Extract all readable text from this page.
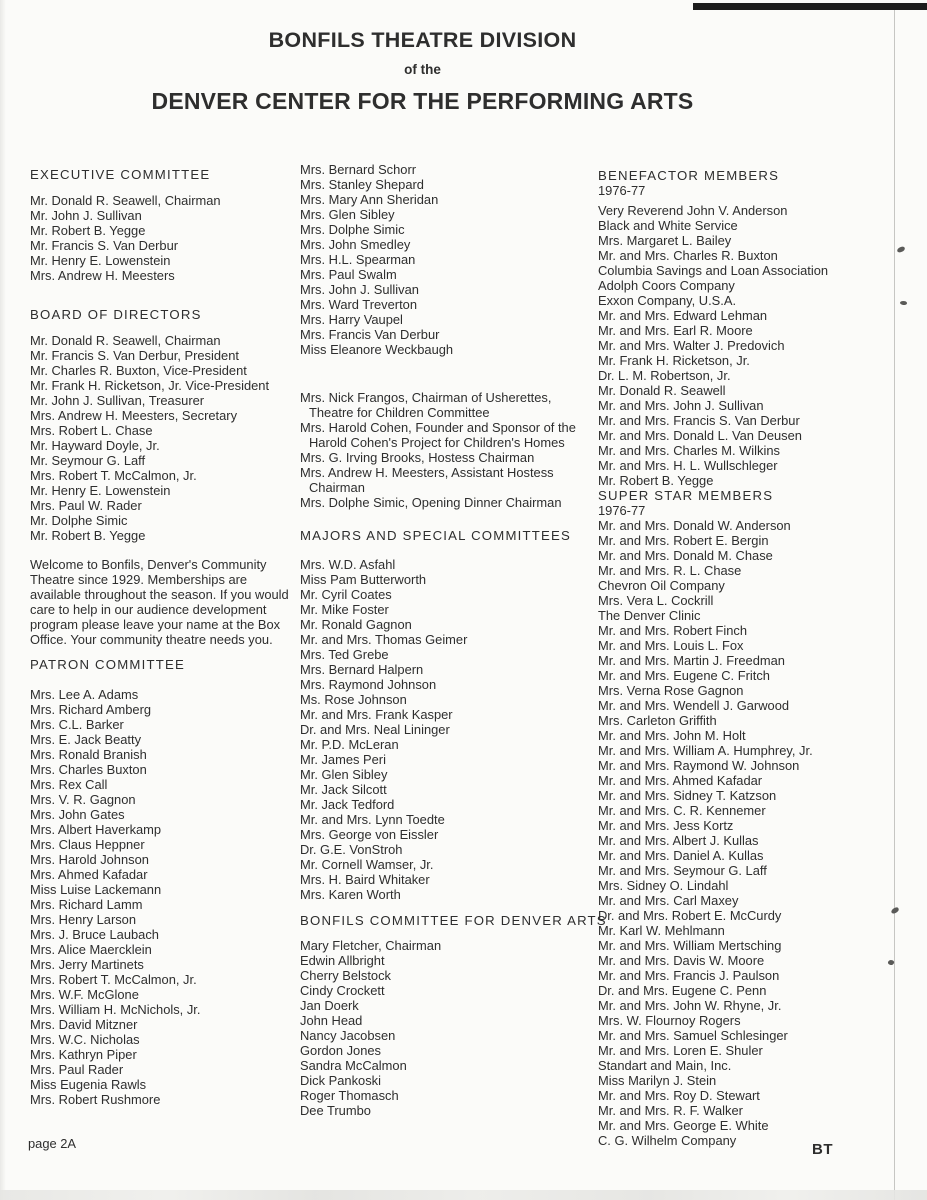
BONFILS THEATRE DIVISION
of the
DENVER CENTER FOR THE PERFORMING ARTS
EXECUTIVE COMMITTEE
Mr. Donald R. Seawell, Chairman
Mr. John J. Sullivan
Mr. Robert B. Yegge
Mr. Francis S. Van Derbur
Mr. Henry E. Lowenstein
Mrs. Andrew H. Meesters
BOARD OF DIRECTORS
Mr. Donald R. Seawell, Chairman
Mr. Francis S. Van Derbur, President
Mr. Charles R. Buxton, Vice-President
Mr. Frank H. Ricketson, Jr. Vice-President
Mr. John J. Sullivan, Treasurer
Mrs. Andrew H. Meesters, Secretary
Mrs. Robert L. Chase
Mr. Hayward Doyle, Jr.
Mr. Seymour G. Laff
Mrs. Robert T. McCalmon, Jr.
Mr. Henry E. Lowenstein
Mrs. Paul W. Rader
Mr. Dolphe Simic
Mr. Robert B. Yegge

Welcome to Bonfils, Denver's Community Theatre since 1929. Memberships are available throughout the season. If you would care to help in our audience development program please leave your name at the Box Office. Your community theatre needs you.

PATRON COMMITTEE
Mrs. Lee A. Adams
Mrs. Richard Amberg
Mrs. C.L. Barker
Mrs. E. Jack Beatty
Mrs. Ronald Branish
Mrs. Charles Buxton
Mrs. Rex Call
Mrs. V. R. Gagnon
Mrs. John Gates
Mrs. Albert Haverkamp
Mrs. Claus Heppner
Mrs. Harold Johnson
Mrs. Ahmed Kafadar
Miss Luise Lackemann
Mrs. Richard Lamm
Mrs. Henry Larson
Mrs. J. Bruce Laubach
Mrs. Alice Maercklein
Mrs. Jerry Martinets
Mrs. Robert T. McCalmon, Jr.
Mrs. W.F. McGlone
Mrs. William H. McNichols, Jr.
Mrs. David Mitzner
Mrs. W.C. Nicholas
Mrs. Kathryn Piper
Mrs. Paul Rader
Miss Eugenia Rawls
Mrs. Robert Rushmore
Mrs. Bernard Schorr
Mrs. Stanley Shepard
Mrs. Mary Ann Sheridan
Mrs. Glen Sibley
Mrs. Dolphe Simic
Mrs. John Smedley
Mrs. H.L. Spearman
Mrs. Paul Swalm
Mrs. John J. Sullivan
Mrs. Ward Treverton
Mrs. Harry Vaupel
Mrs. Francis Van Derbur
Miss Eleanore Weckbaugh
Mrs. Nick Frangos, Chairman of Usherettes, Theatre for Children Committee
Mrs. Harold Cohen, Founder and Sponsor of the Harold Cohen's Project for Children's Homes
Mrs. G. Irving Brooks, Hostess Chairman
Mrs. Andrew H. Meesters, Assistant Hostess Chairman
Mrs. Dolphe Simic, Opening Dinner Chairman
MAJORS AND SPECIAL COMMITTEES
Mrs. W.D. Asfahl
Miss Pam Butterworth
Mr. Cyril Coates
Mr. Mike Foster
Mr. Ronald Gagnon
Mr. and Mrs. Thomas Geimer
Mrs. Ted Grebe
Mrs. Bernard Halpern
Mrs. Raymond Johnson
Ms. Rose Johnson
Mr. and Mrs. Frank Kasper
Dr. and Mrs. Neal Lininger
Mr. P.D. McLeran
Mr. James Peri
Mr. Glen Sibley
Mr. Jack Silcott
Mr. Jack Tedford
Mr. and Mrs. Lynn Toedte
Mrs. George von Eissler
Dr. G.E. VonStroh
Mr. Cornell Wamser, Jr.
Mrs. H. Baird Whitaker
Mrs. Karen Worth
BONFILS COMMITTEE FOR DENVER ARTS
Mary Fletcher, Chairman
Edwin Allbright
Cherry Belstock
Cindy Crockett
Jan Doerk
John Head
Nancy Jacobsen
Gordon Jones
Sandra McCalmon
Dick Pankoski
Roger Thomasch
Dee Trumbo
BENEFACTOR MEMBERS
1976-77
Very Reverend John V. Anderson
Black and White Service
Mrs. Margaret L. Bailey
Mr. and Mrs. Charles R. Buxton
Columbia Savings and Loan Association
Adolph Coors Company
Exxon Company, U.S.A.
Mr. and Mrs. Edward Lehman
Mr. and Mrs. Earl R. Moore
Mr. and Mrs. Walter J. Predovich
Mr. Frank H. Ricketson, Jr.
Dr. L. M. Robertson, Jr.
Mr. Donald R. Seawell
Mr. and Mrs. John J. Sullivan
Mr. and Mrs. Francis S. Van Derbur
Mr. and Mrs. Donald L. Van Deusen
Mr. and Mrs. Charles M. Wilkins
Mr. and Mrs. H. L. Wullschleger
Mr. Robert B. Yegge
SUPER STAR MEMBERS
1976-77
Mr. and Mrs. Donald W. Anderson
Mr. and Mrs. Robert E. Bergin
Mr. and Mrs. Donald M. Chase
Mr. and Mrs. R. L. Chase
Chevron Oil Company
Mrs. Vera L. Cockrill
The Denver Clinic
Mr. and Mrs. Robert Finch
Mr. and Mrs. Louis L. Fox
Mr. and Mrs. Martin J. Freedman
Mr. and Mrs. Eugene C. Fritch
Mrs. Verna Rose Gagnon
Mr. and Mrs. Wendell J. Garwood
Mrs. Carleton Griffith
Mr. and Mrs. John M. Holt
Mr. and Mrs. William A. Humphrey, Jr.
Mr. and Mrs. Raymond W. Johnson
Mr. and Mrs. Ahmed Kafadar
Mr. and Mrs. Sidney T. Katzson
Mr. and Mrs. C. R. Kennemer
Mr. and Mrs. Jess Kortz
Mr. and Mrs. Albert J. Kullas
Mr. and Mrs. Daniel A. Kullas
Mr. and Mrs. Seymour G. Laff
Mrs. Sidney O. Lindahl
Mr. and Mrs. Carl Maxey
Dr. and Mrs. Robert E. McCurdy
Mr. Karl W. Mehlmann
Mr. and Mrs. William Mertsching
Mr. and Mrs. Davis W. Moore
Mr. and Mrs. Francis J. Paulson
Dr. and Mrs. Eugene C. Penn
Mr. and Mrs. John W. Rhyne, Jr.
Mrs. W. Flournoy Rogers
Mr. and Mrs. Samuel Schlesinger
Mr. and Mrs. Loren E. Shuler
Standart and Main, Inc.
Miss Marilyn J. Stein
Mr. and Mrs. Roy D. Stewart
Mr. and Mrs. R. F. Walker
Mr. and Mrs. George E. White
C. G. Wilhelm Company
page 2A	BT
